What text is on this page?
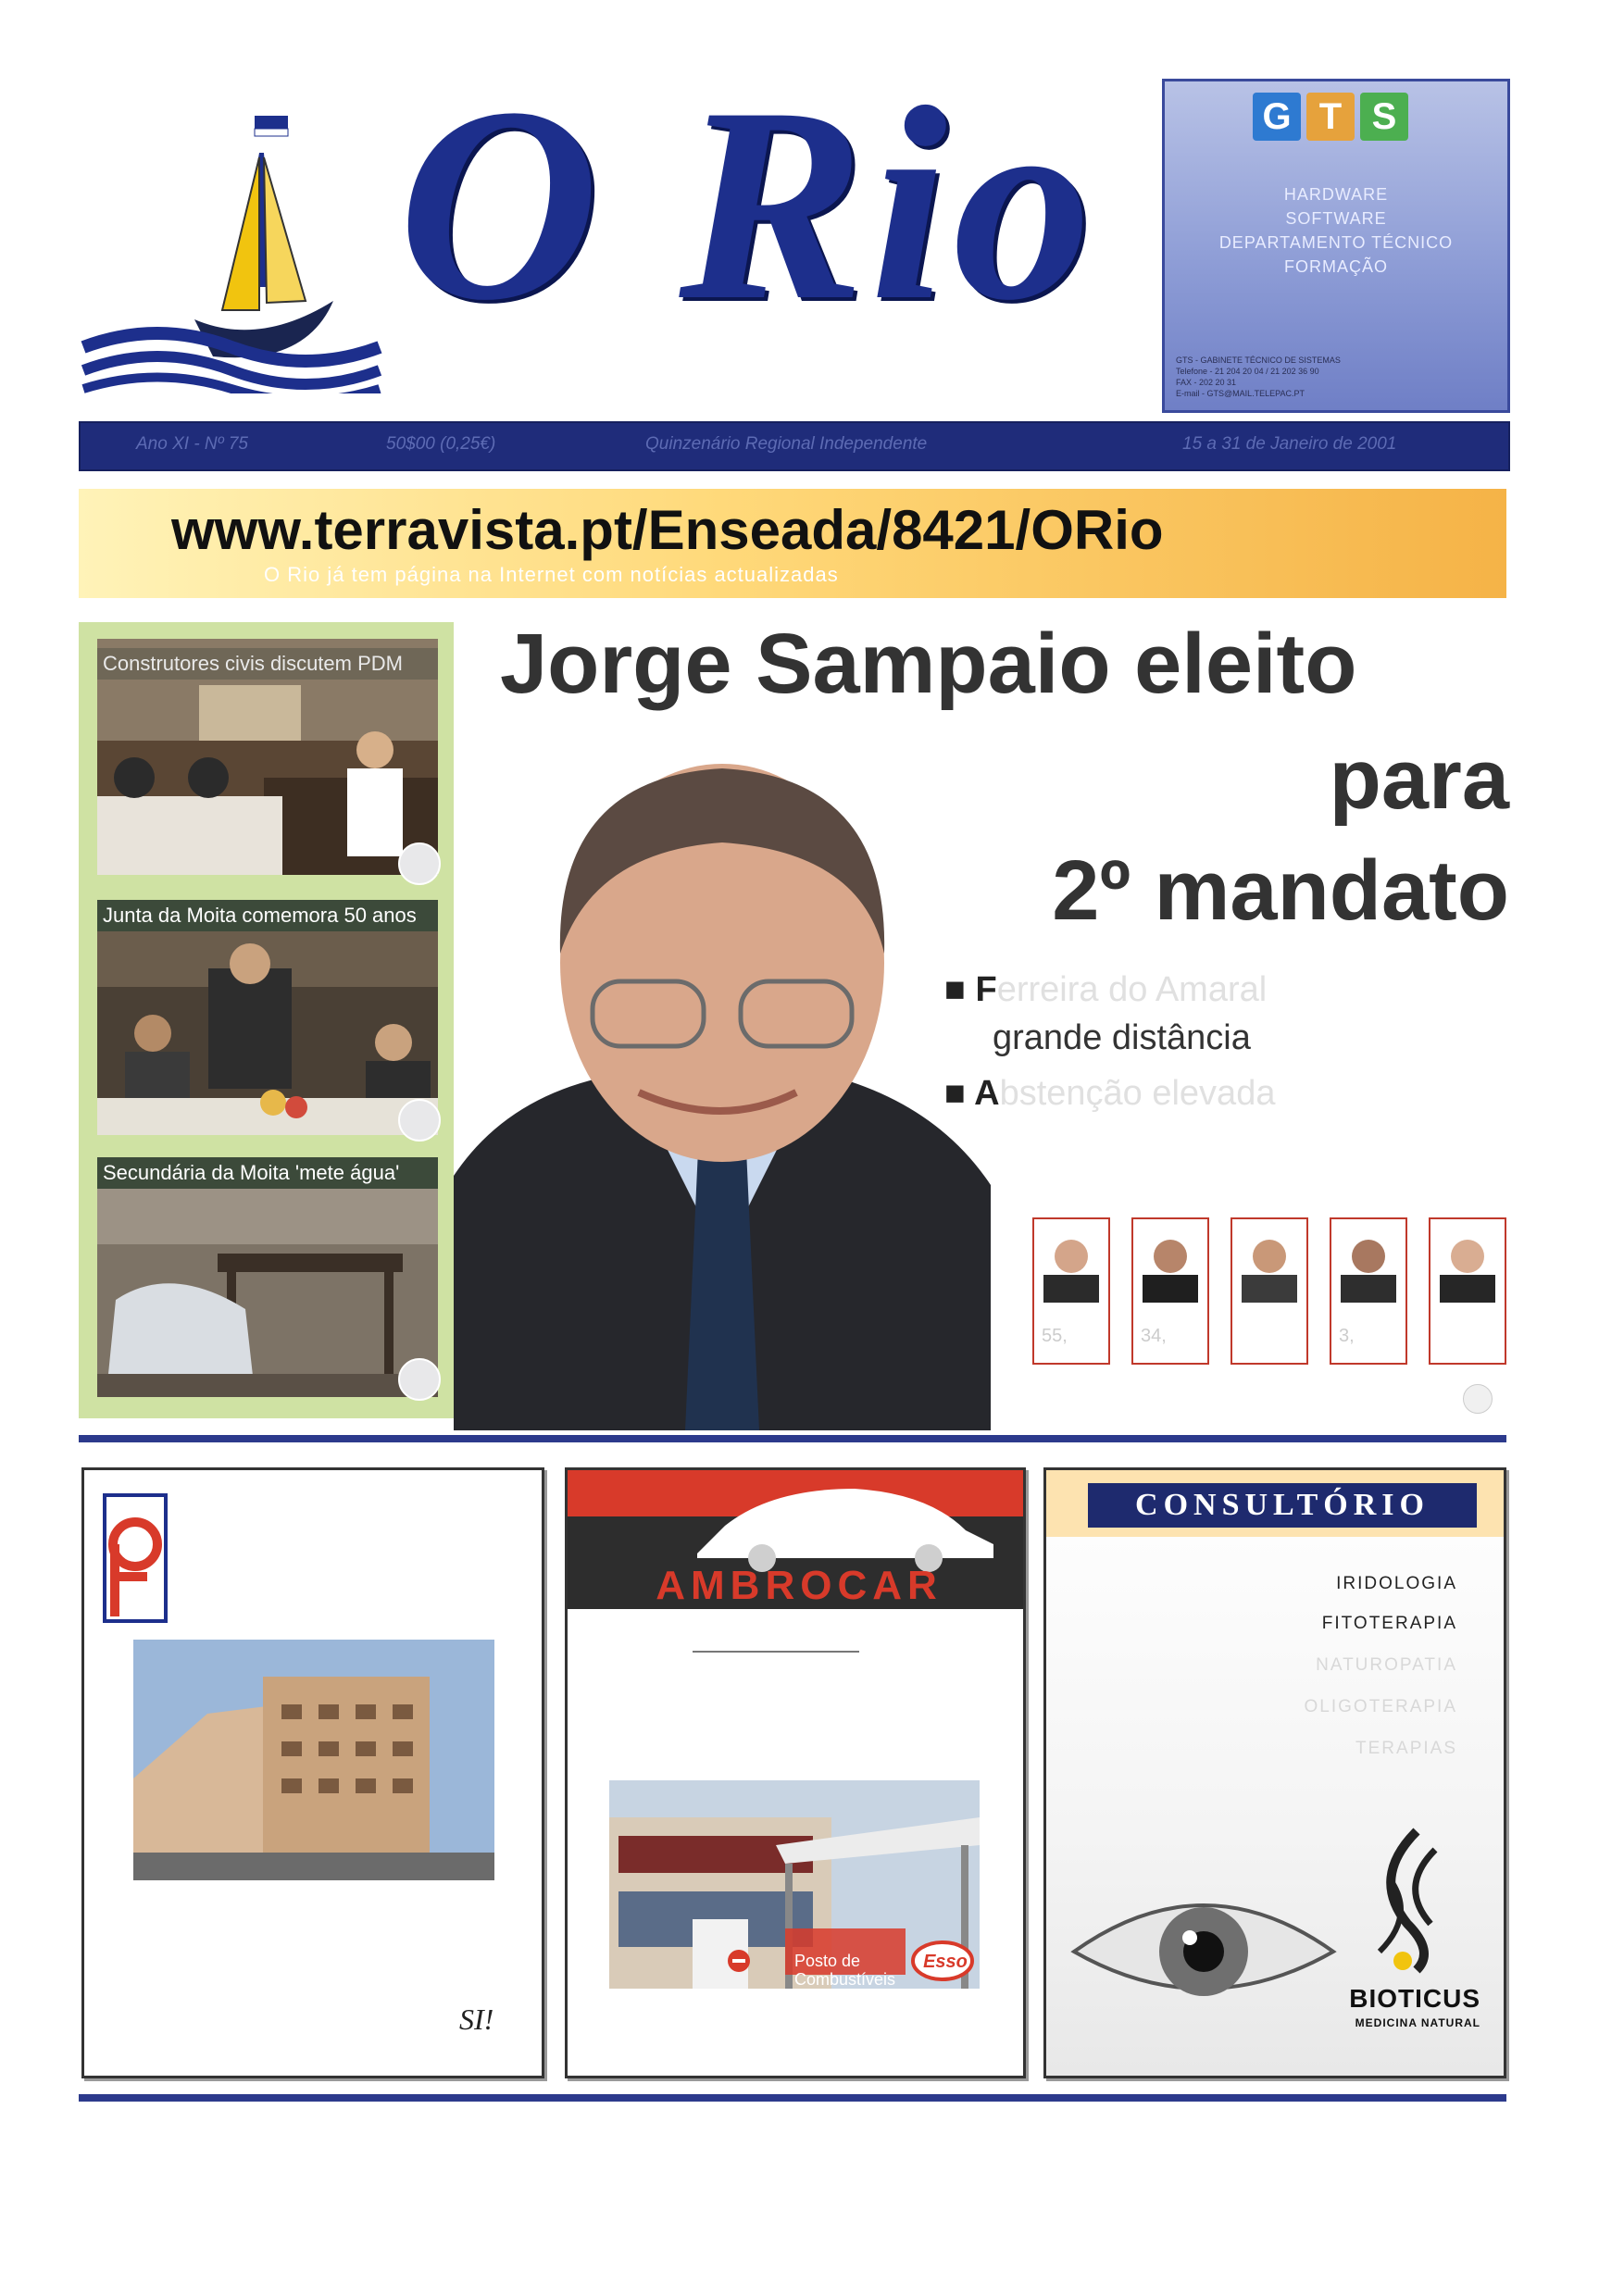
O Rio	G T S
HARDWARE
SOFTWARE
DEPARTAMENTO TÉCNICO
FORMAÇÃO
GTS - GABINETE TÉCNICO DE SISTEMAS
Telefone - 21 204 20 04 / 21 202 36 90
FAX - 202 20 31
E-mail - GTS@MAIL.TELEPAC.PT
Ano XI - Nº 75	50$00 (0,25€)	Quinzenário Regional Independente	15 a 31 de Janeiro de 2001
www.terravista.pt/Enseada/8421/ORio
O Rio já tem página na Internet com notícias actualizadas
Construtores civis discutem PDM
Junta da Moita comemora 50 anos
Secundária da Moita 'mete água'
Jorge Sampaio eleito
para
2º mandato
■ Ferreira do Amaral
grande distância
■ Abstenção elevada
55,	34,	3,
SI!
AMBROCAR
Posto de Combustíveis
Esso
CONSULTÓRIO
IRIDOLOGIA
FITOTERAPIA
NATUROPATIA
OLIGOTERAPIA
TERAPIAS
BIOTICUS
MEDICINA NATURAL
